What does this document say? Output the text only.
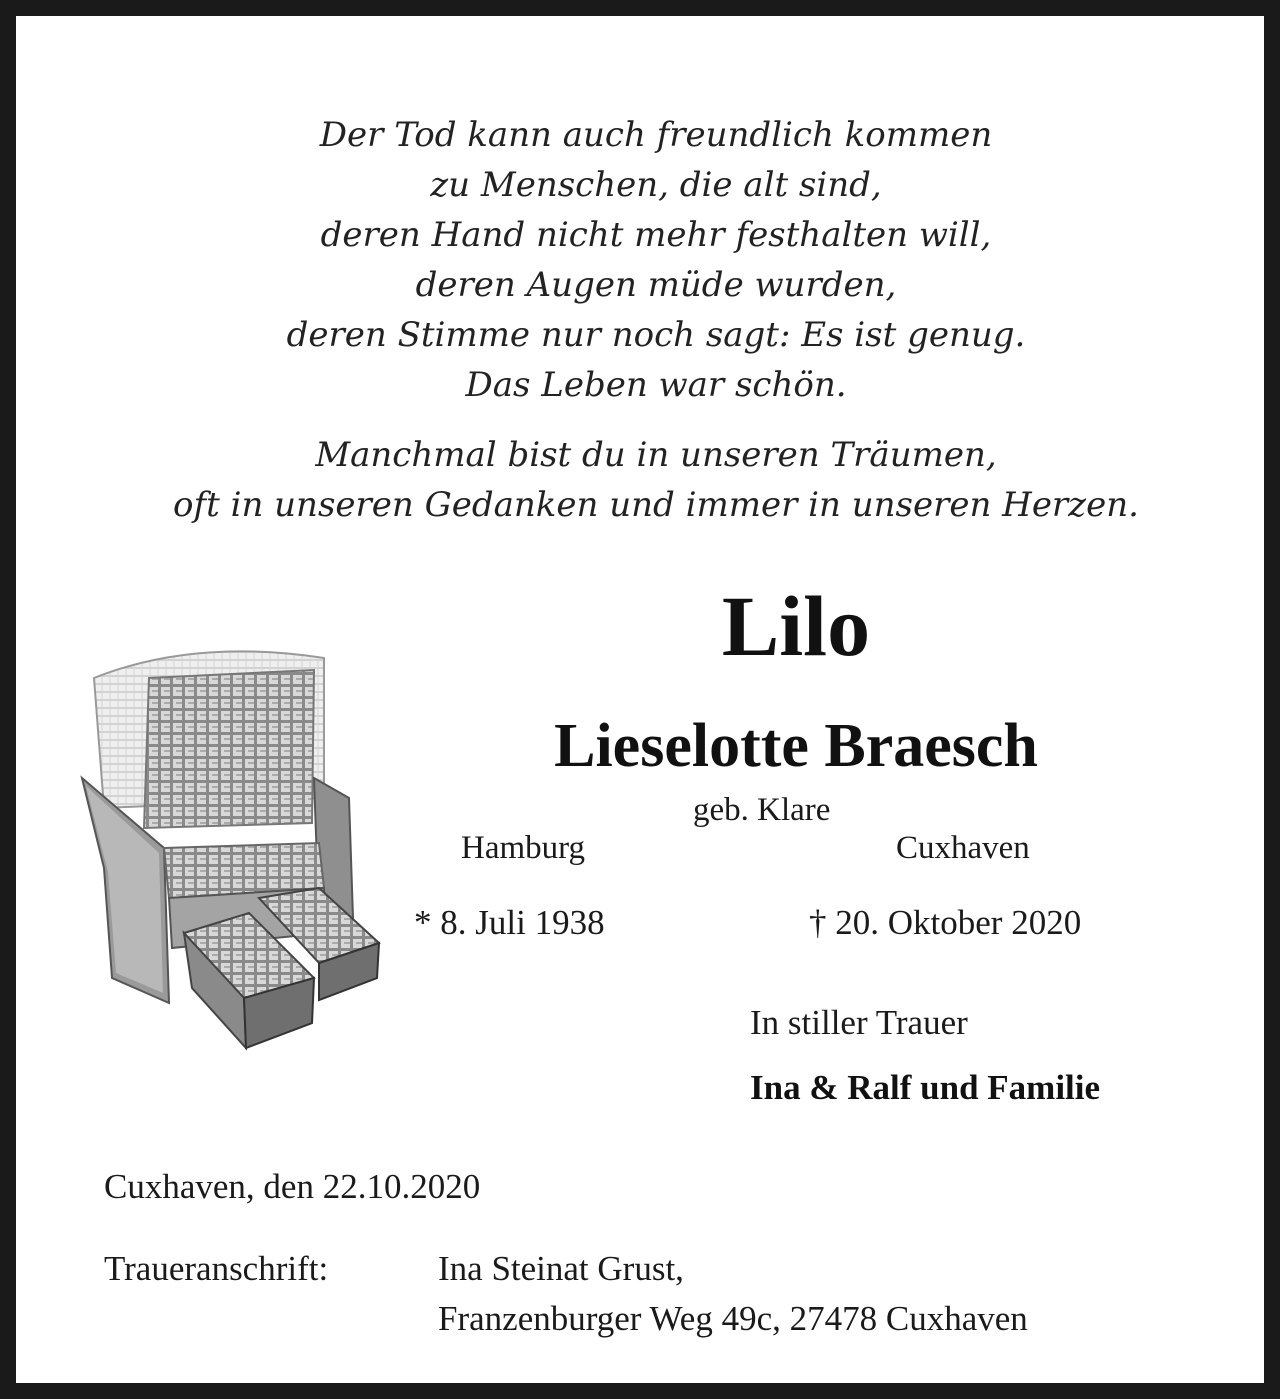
Der Tod kann auch freundlich kommen
zu Menschen, die alt sind,
deren Hand nicht mehr festhalten will,
deren Augen müde wurden,
deren Stimme nur noch sagt: Es ist genug.
Das Leben war schön.
Manchmal bist du in unseren Träumen,
oft in unseren Gedanken und immer in unseren Herzen.
Lilo
Lieselotte Braesch
geb. Klare
Hamburg	Cuxhaven
* 8. Juli 1938	† 20. Oktober 2020
In stiller Trauer
Ina & Ralf und Familie
Cuxhaven, den 22.10.2020
Traueranschrift:	Ina Steinat Grust,
Franzenburger Weg 49c, 27478 Cuxhaven
